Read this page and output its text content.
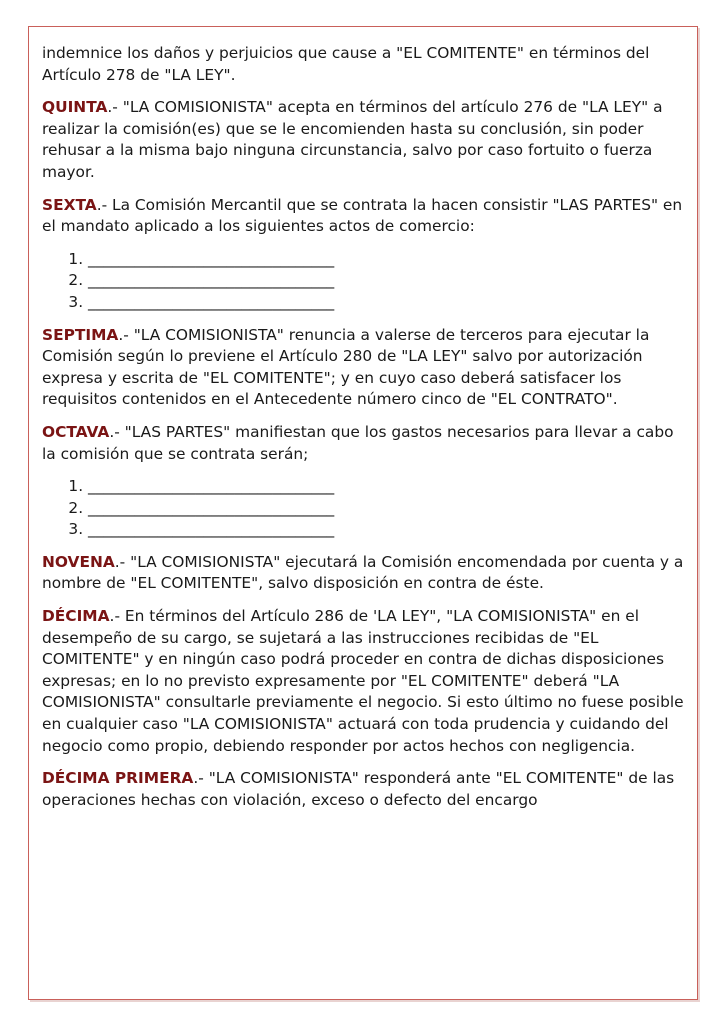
indemnice los daños y perjuicios que cause a "EL COMITENTE" en términos del Artículo 278 de "LA LEY".

QUINTA.- "LA COMISIONISTA" acepta en términos del artículo 276 de "LA LEY" a realizar la comisión(es) que se le encomienden hasta su conclusión, sin poder rehusar a la misma bajo ninguna circunstancia, salvo por caso fortuito o fuerza mayor.

SEXTA.- La Comisión Mercantil que se contrata la hacen consistir "LAS PARTES" en el mandato aplicado a los siguientes actos de comercio:

1. ________________________________
2. ________________________________
3. ________________________________

SEPTIMA.- "LA COMISIONISTA" renuncia a valerse de terceros para ejecutar la Comisión según lo previene el Artículo 280 de "LA LEY" salvo por autorización expresa y escrita de "EL COMITENTE"; y en cuyo caso deberá satisfacer los requisitos contenidos en el Antecedente número cinco de "EL CONTRATO".

OCTAVA.- "LAS PARTES" manifiestan que los gastos necesarios para llevar a cabo la comisión que se contrata serán;

1. ________________________________
2. ________________________________
3. ________________________________

NOVENA.- "LA COMISIONISTA" ejecutará la Comisión encomendada por cuenta y a nombre de "EL COMITENTE", salvo disposición en contra de éste.

DÉCIMA.- En términos del Artículo 286 de 'LA LEY", "LA COMISIONISTA" en el desempeño de su cargo, se sujetará a las instrucciones recibidas de "EL COMITENTE" y en ningún caso podrá proceder en contra de dichas disposiciones expresas; en lo no previsto expresamente por "EL COMITENTE" deberá "LA COMISIONISTA" consultarle previamente el negocio. Si esto último no fuese posible en cualquier caso "LA COMISIONISTA" actuará con toda prudencia y cuidando del negocio como propio, debiendo responder por actos hechos con negligencia.

DÉCIMA PRIMERA.- "LA COMISIONISTA" responderá ante "EL COMITENTE" de las operaciones hechas con violación, exceso o defecto del encargo
